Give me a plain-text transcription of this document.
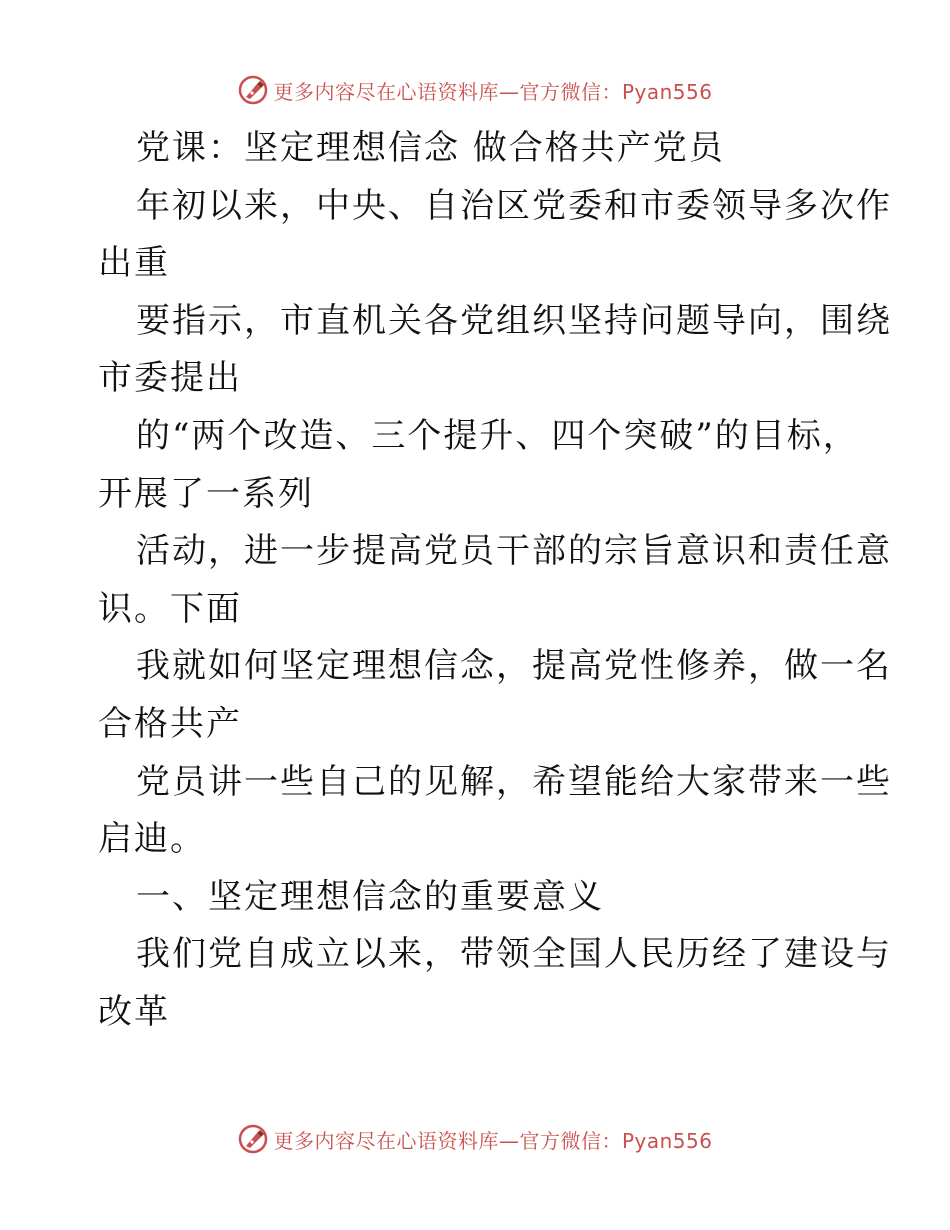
更多内容尽在心语资料库—官方微信：Pyan556
党课：坚定理想信念 做合格共产党员
年初以来，中央、自治区党委和市委领导多次作
出重
要指示，市直机关各党组织坚持问题导向，围绕
市委提出
的“两个改造、三个提升、四个突破”的目标，
开展了一系列
活动，进一步提高党员干部的宗旨意识和责任意
识。下面
我就如何坚定理想信念，提高党性修养，做一名
合格共产
党员讲一些自己的见解，希望能给大家带来一些
启迪。
一、坚定理想信念的重要意义
我们党自成立以来，带领全国人民历经了建设与
改革
更多内容尽在心语资料库—官方微信：Pyan556
